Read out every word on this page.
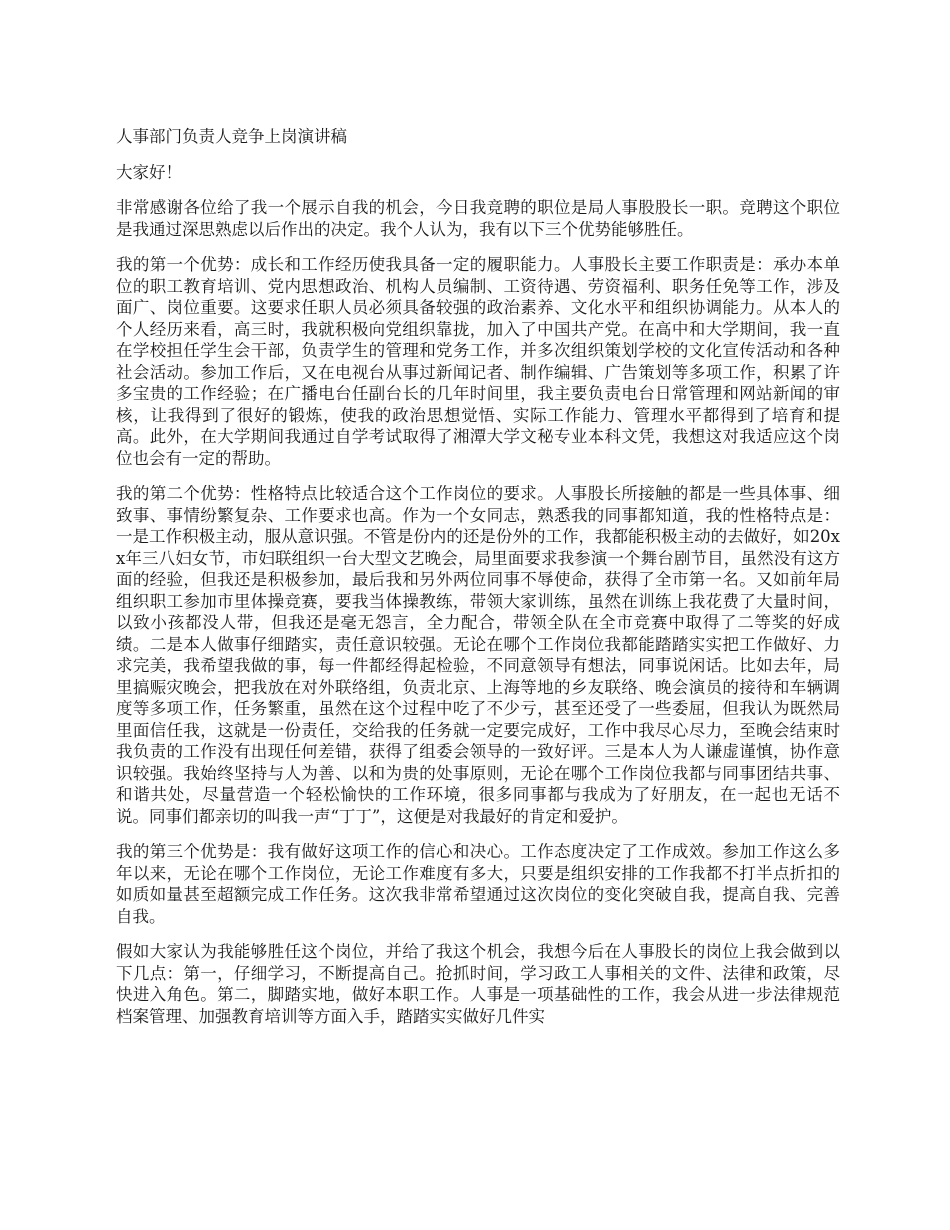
人事部门负责人竞争上岗演讲稿

大家好！

非常感谢各位给了我一个展示自我的机会，今日我竞聘的职位是局人事股股长一职。竞聘这个职位是我通过深思熟虑以后作出的决定。我个人认为，我有以下三个优势能够胜任。

我的第一个优势：成长和工作经历使我具备一定的履职能力。人事股长主要工作职责是：承办本单位的职工教育培训、党内思想政治、机构人员编制、工资待遇、劳资福利、职务任免等工作，涉及面广、岗位重要。这要求任职人员必须具备较强的政治素养、文化水平和组织协调能力。从本人的个人经历来看，高三时，我就积极向党组织靠拢，加入了中国共产党。在高中和大学期间，我一直在学校担任学生会干部，负责学生的管理和党务工作，并多次组织策划学校的文化宣传活动和各种社会活动。参加工作后，又在电视台从事过新闻记者、制作编辑、广告策划等多项工作，积累了许多宝贵的工作经验；在广播电台任副台长的几年时间里，我主要负责电台日常管理和网站新闻的审核，让我得到了很好的锻炼，使我的政治思想觉悟、实际工作能力、管理水平都得到了培育和提高。此外，在大学期间我通过自学考试取得了湘潭大学文秘专业本科文凭，我想这对我适应这个岗位也会有一定的帮助。

我的第二个优势：性格特点比较适合这个工作岗位的要求。人事股长所接触的都是一些具体事、细致事、事情纷繁复杂、工作要求也高。作为一个女同志，熟悉我的同事都知道，我的性格特点是：一是工作积极主动，服从意识强。不管是份内的还是份外的工作，我都能积极主动的去做好，如20xx年三八妇女节，市妇联组织一台大型文艺晚会，局里面要求我参演一个舞台剧节目，虽然没有这方面的经验，但我还是积极参加，最后我和另外两位同事不辱使命，获得了全市第一名。又如前年局组织职工参加市里体操竞赛，要我当体操教练，带领大家训练，虽然在训练上我花费了大量时间，以致小孩都没人带，但我还是毫无怨言，全力配合，带领全队在全市竞赛中取得了二等奖的好成绩。二是本人做事仔细踏实，责任意识较强。无论在哪个工作岗位我都能踏踏实实把工作做好、力求完美，我希望我做的事，每一件都经得起检验，不同意领导有想法，同事说闲话。比如去年，局里搞赈灾晚会，把我放在对外联络组，负责北京、上海等地的乡友联络、晚会演员的接待和车辆调度等多项工作，任务繁重，虽然在这个过程中吃了不少亏，甚至还受了一些委屈，但我认为既然局里面信任我，这就是一份责任，交给我的任务就一定要完成好，工作中我尽心尽力，至晚会结束时我负责的工作没有出现任何差错，获得了组委会领导的一致好评。三是本人为人谦虚谨慎，协作意识较强。我始终坚持与人为善、以和为贵的处事原则，无论在哪个工作岗位我都与同事团结共事、和谐共处，尽量营造一个轻松愉快的工作环境，很多同事都与我成为了好朋友，在一起也无话不说。同事们都亲切的叫我一声“丁丁”，这便是对我最好的肯定和爱护。

我的第三个优势是：我有做好这项工作的信心和决心。工作态度决定了工作成效。参加工作这么多年以来，无论在哪个工作岗位，无论工作难度有多大，只要是组织安排的工作我都不打半点折扣的如质如量甚至超额完成工作任务。这次我非常希望通过这次岗位的变化突破自我，提高自我、完善自我。

假如大家认为我能够胜任这个岗位，并给了我这个机会，我想今后在人事股长的岗位上我会做到以下几点：第一，仔细学习，不断提高自己。抢抓时间，学习政工人事相关的文件、法律和政策，尽快进入角色。第二，脚踏实地，做好本职工作。人事是一项基础性的工作，我会从进一步法律规范档案管理、加强教育培训等方面入手，踏踏实实做好几件实
